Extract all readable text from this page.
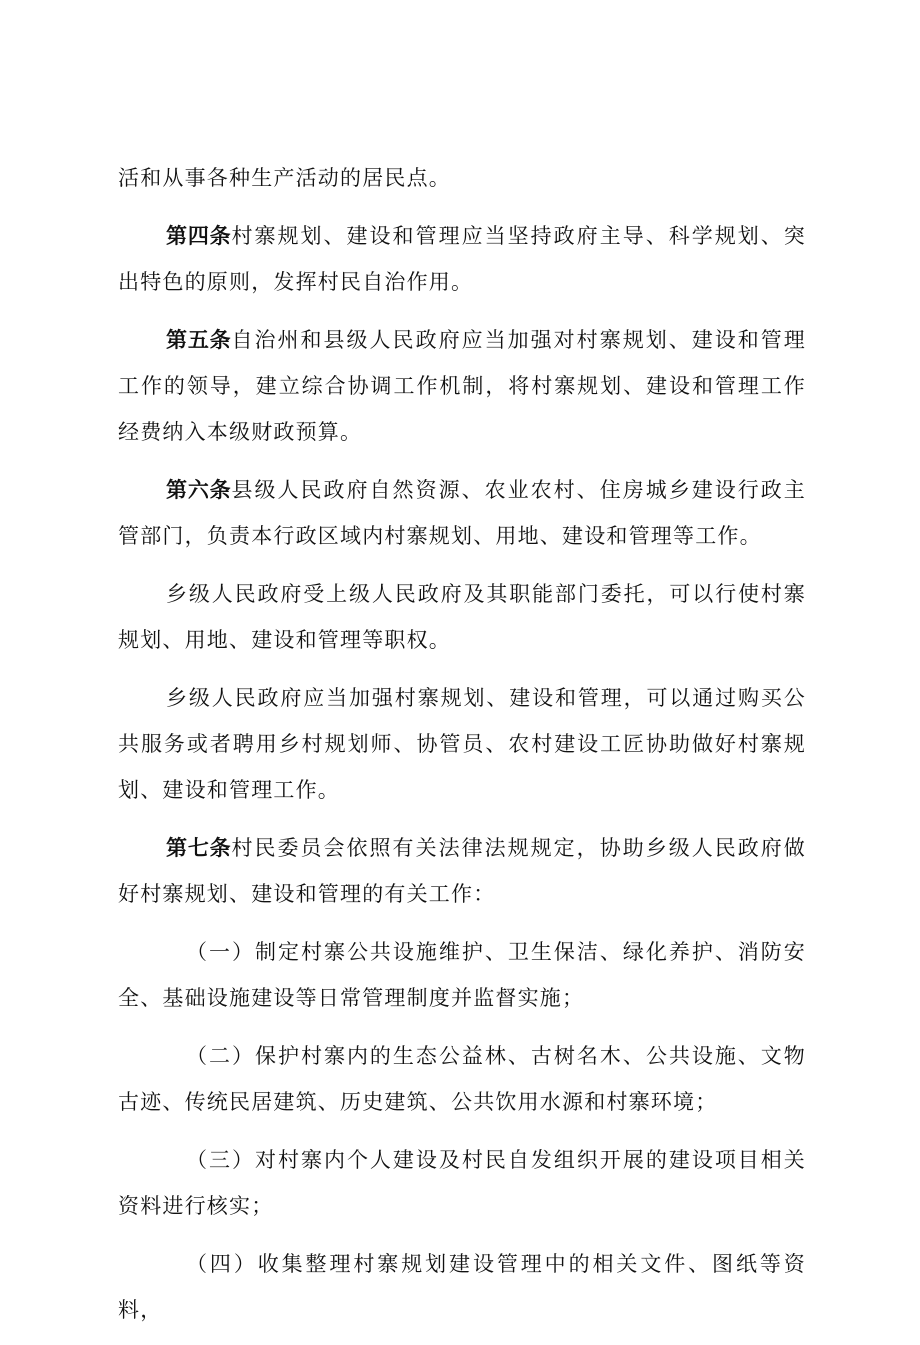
活和从事各种生产活动的居民点。

第四条村寨规划、建设和管理应当坚持政府主导、科学规划、突出特色的原则，发挥村民自治作用。

第五条自治州和县级人民政府应当加强对村寨规划、建设和管理工作的领导，建立综合协调工作机制，将村寨规划、建设和管理工作经费纳入本级财政预算。

第六条县级人民政府自然资源、农业农村、住房城乡建设行政主管部门，负责本行政区域内村寨规划、用地、建设和管理等工作。

乡级人民政府受上级人民政府及其职能部门委托，可以行使村寨规划、用地、建设和管理等职权。

乡级人民政府应当加强村寨规划、建设和管理，可以通过购买公共服务或者聘用乡村规划师、协管员、农村建设工匠协助做好村寨规划、建设和管理工作。

第七条村民委员会依照有关法律法规规定，协助乡级人民政府做好村寨规划、建设和管理的有关工作：

（一）制定村寨公共设施维护、卫生保洁、绿化养护、消防安全、基础设施建设等日常管理制度并监督实施；

（二）保护村寨内的生态公益林、古树名木、公共设施、文物古迹、传统民居建筑、历史建筑、公共饮用水源和村寨环境；

（三）对村寨内个人建设及村民自发组织开展的建设项目相关资料进行核实；

（四）收集整理村寨规划建设管理中的相关文件、图纸等资料，
